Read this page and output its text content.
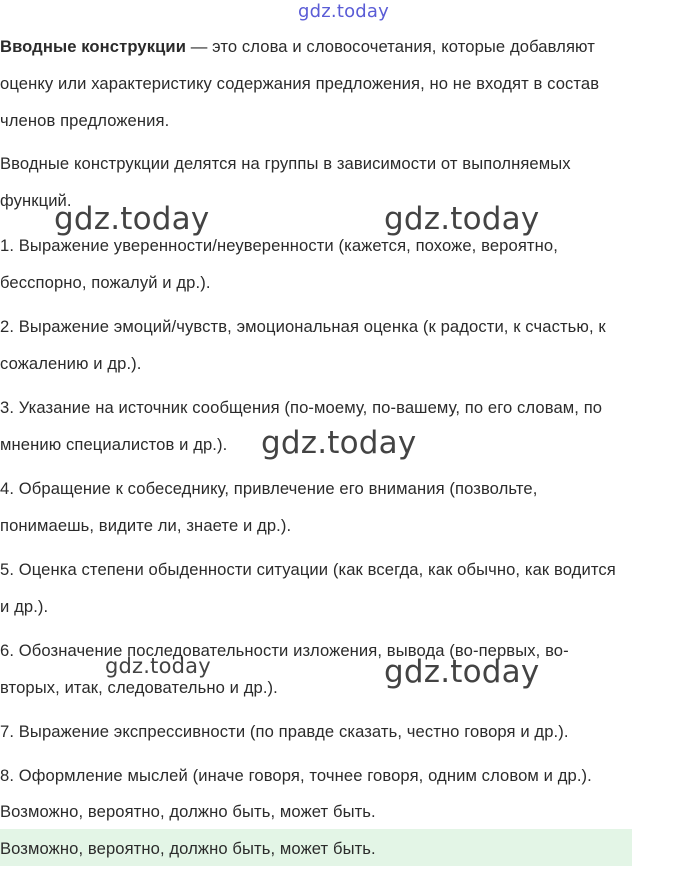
gdz.today
Вводные конструкции — это слова и словосочетания, которые добавляют
оценку или характеристику содержания предложения, но не входят в состав
членов предложения.
Вводные конструкции делятся на группы в зависимости от выполняемых
функций.
1. Выражение уверенности/неуверенности (кажется, похоже, вероятно,
бесспорно, пожалуй и др.).
2. Выражение эмоций/чувств, эмоциональная оценка (к радости, к счастью, к
сожалению и др.).
3. Указание на источник сообщения (по-моему, по-вашему, по его словам, по
мнению специалистов и др.).
4. Обращение к собеседнику, привлечение его внимания (позвольте,
понимаешь, видите ли, знаете и др.).
5. Оценка степени обыденности ситуации (как всегда, как обычно, как водится
и др.).
6. Обозначение последовательности изложения, вывода (во-первых, во-
вторых, итак, следовательно и др.).
7. Выражение экспрессивности (по правде сказать, честно говоря и др.).
8. Оформление мыслей (иначе говоря, точнее говоря, одним словом и др.).
Возможно, вероятно, должно быть, может быть.
Возможно, вероятно, должно быть, может быть.
gdz.today	gdz.today
gdz.today
gdz.today	gdz.today
